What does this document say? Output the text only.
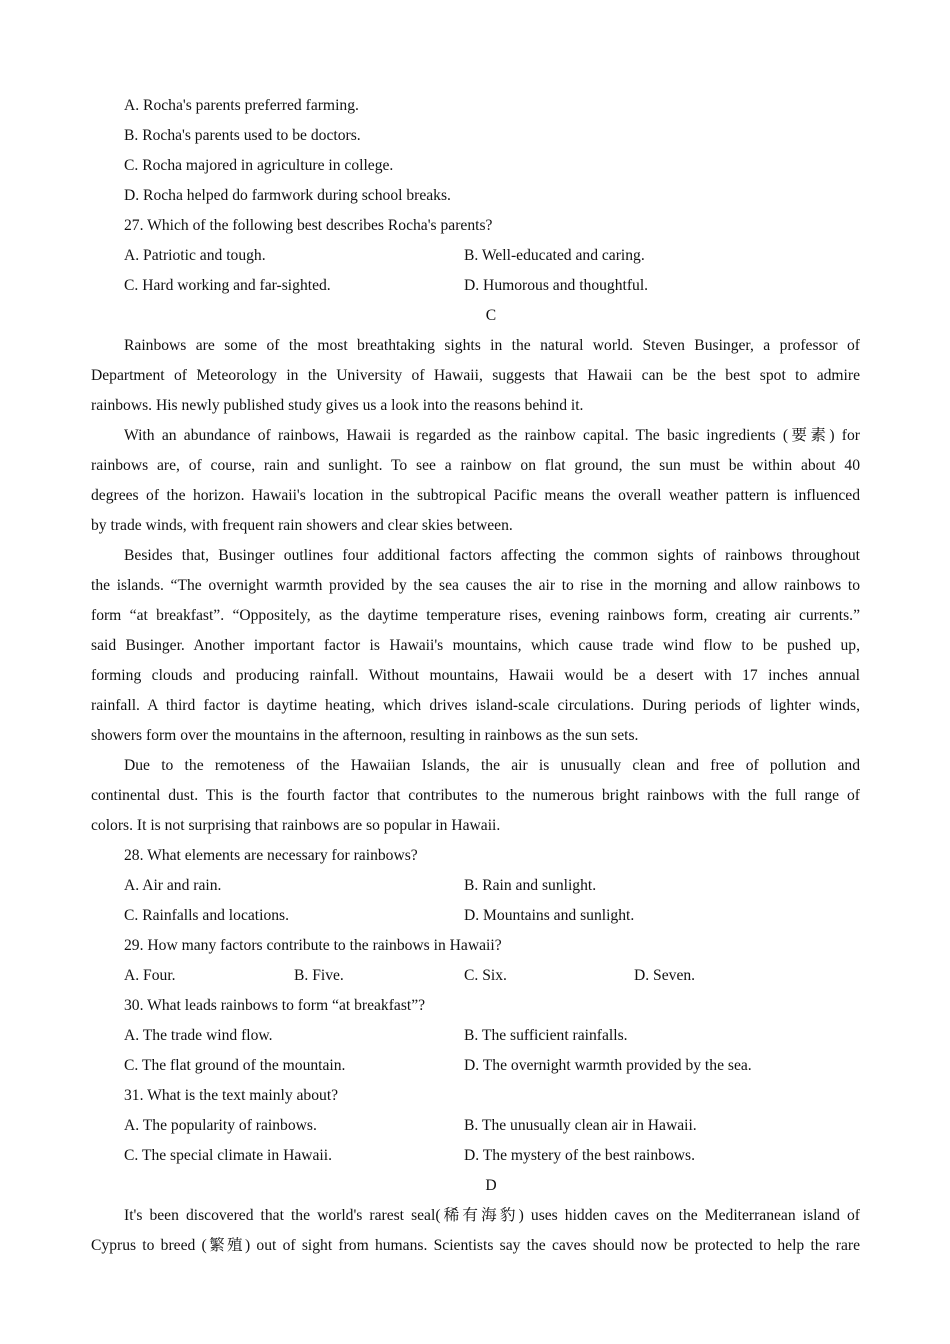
A. Rocha's parents preferred farming.
B. Rocha's parents used to be doctors.
C. Rocha majored in agriculture in college.
D. Rocha helped do farmwork during school breaks.
27. Which of the following best describes Rocha's parents?
A. Patriotic and tough.	B. Well-educated and caring.
C. Hard working and far-sighted.	D. Humorous and thoughtful.
C
Rainbows are some of the most breathtaking sights in the natural world. Steven Businger, a professor of
Department of Meteorology in the University of Hawaii, suggests that Hawaii can be the best spot to admire
rainbows. His newly published study gives us a look into the reasons behind it.
With an abundance of rainbows, Hawaii is regarded as the rainbow capital. The basic ingredients (要素) for
rainbows are, of course, rain and sunlight. To see a rainbow on flat ground, the sun must be within about 40
degrees of the horizon. Hawaii's location in the subtropical Pacific means the overall weather pattern is influenced
by trade winds, with frequent rain showers and clear skies between.
Besides that, Businger outlines four additional factors affecting the common sights of rainbows throughout
the islands. “The overnight warmth provided by the sea causes the air to rise in the morning and allow rainbows to
form “at breakfast”. “Oppositely, as the daytime temperature rises, evening rainbows form, creating air currents.”
said Businger. Another important factor is Hawaii's mountains, which cause trade wind flow to be pushed up,
forming clouds and producing rainfall. Without mountains, Hawaii would be a desert with 17 inches annual
rainfall. A third factor is daytime heating, which drives island-scale circulations. During periods of lighter winds,
showers form over the mountains in the afternoon, resulting in rainbows as the sun sets.
Due to the remoteness of the Hawaiian Islands, the air is unusually clean and free of pollution and
continental dust. This is the fourth factor that contributes to the numerous bright rainbows with the full range of
colors. It is not surprising that rainbows are so popular in Hawaii.
28. What elements are necessary for rainbows?
A. Air and rain.	B. Rain and sunlight.
C. Rainfalls and locations.	D. Mountains and sunlight.
29. How many factors contribute to the rainbows in Hawaii?
A. Four.	B. Five.	C. Six.	D. Seven.
30. What leads rainbows to form “at breakfast”?
A. The trade wind flow.	B. The sufficient rainfalls.
C. The flat ground of the mountain.	D. The overnight warmth provided by the sea.
31. What is the text mainly about?
A. The popularity of rainbows.	B. The unusually clean air in Hawaii.
C. The special climate in Hawaii.	D. The mystery of the best rainbows.
D
It's been discovered that the world's rarest seal(稀有海豹) uses hidden caves on the Mediterranean island of
Cyprus to breed (繁殖) out of sight from humans. Scientists say the caves should now be protected to help the rare
